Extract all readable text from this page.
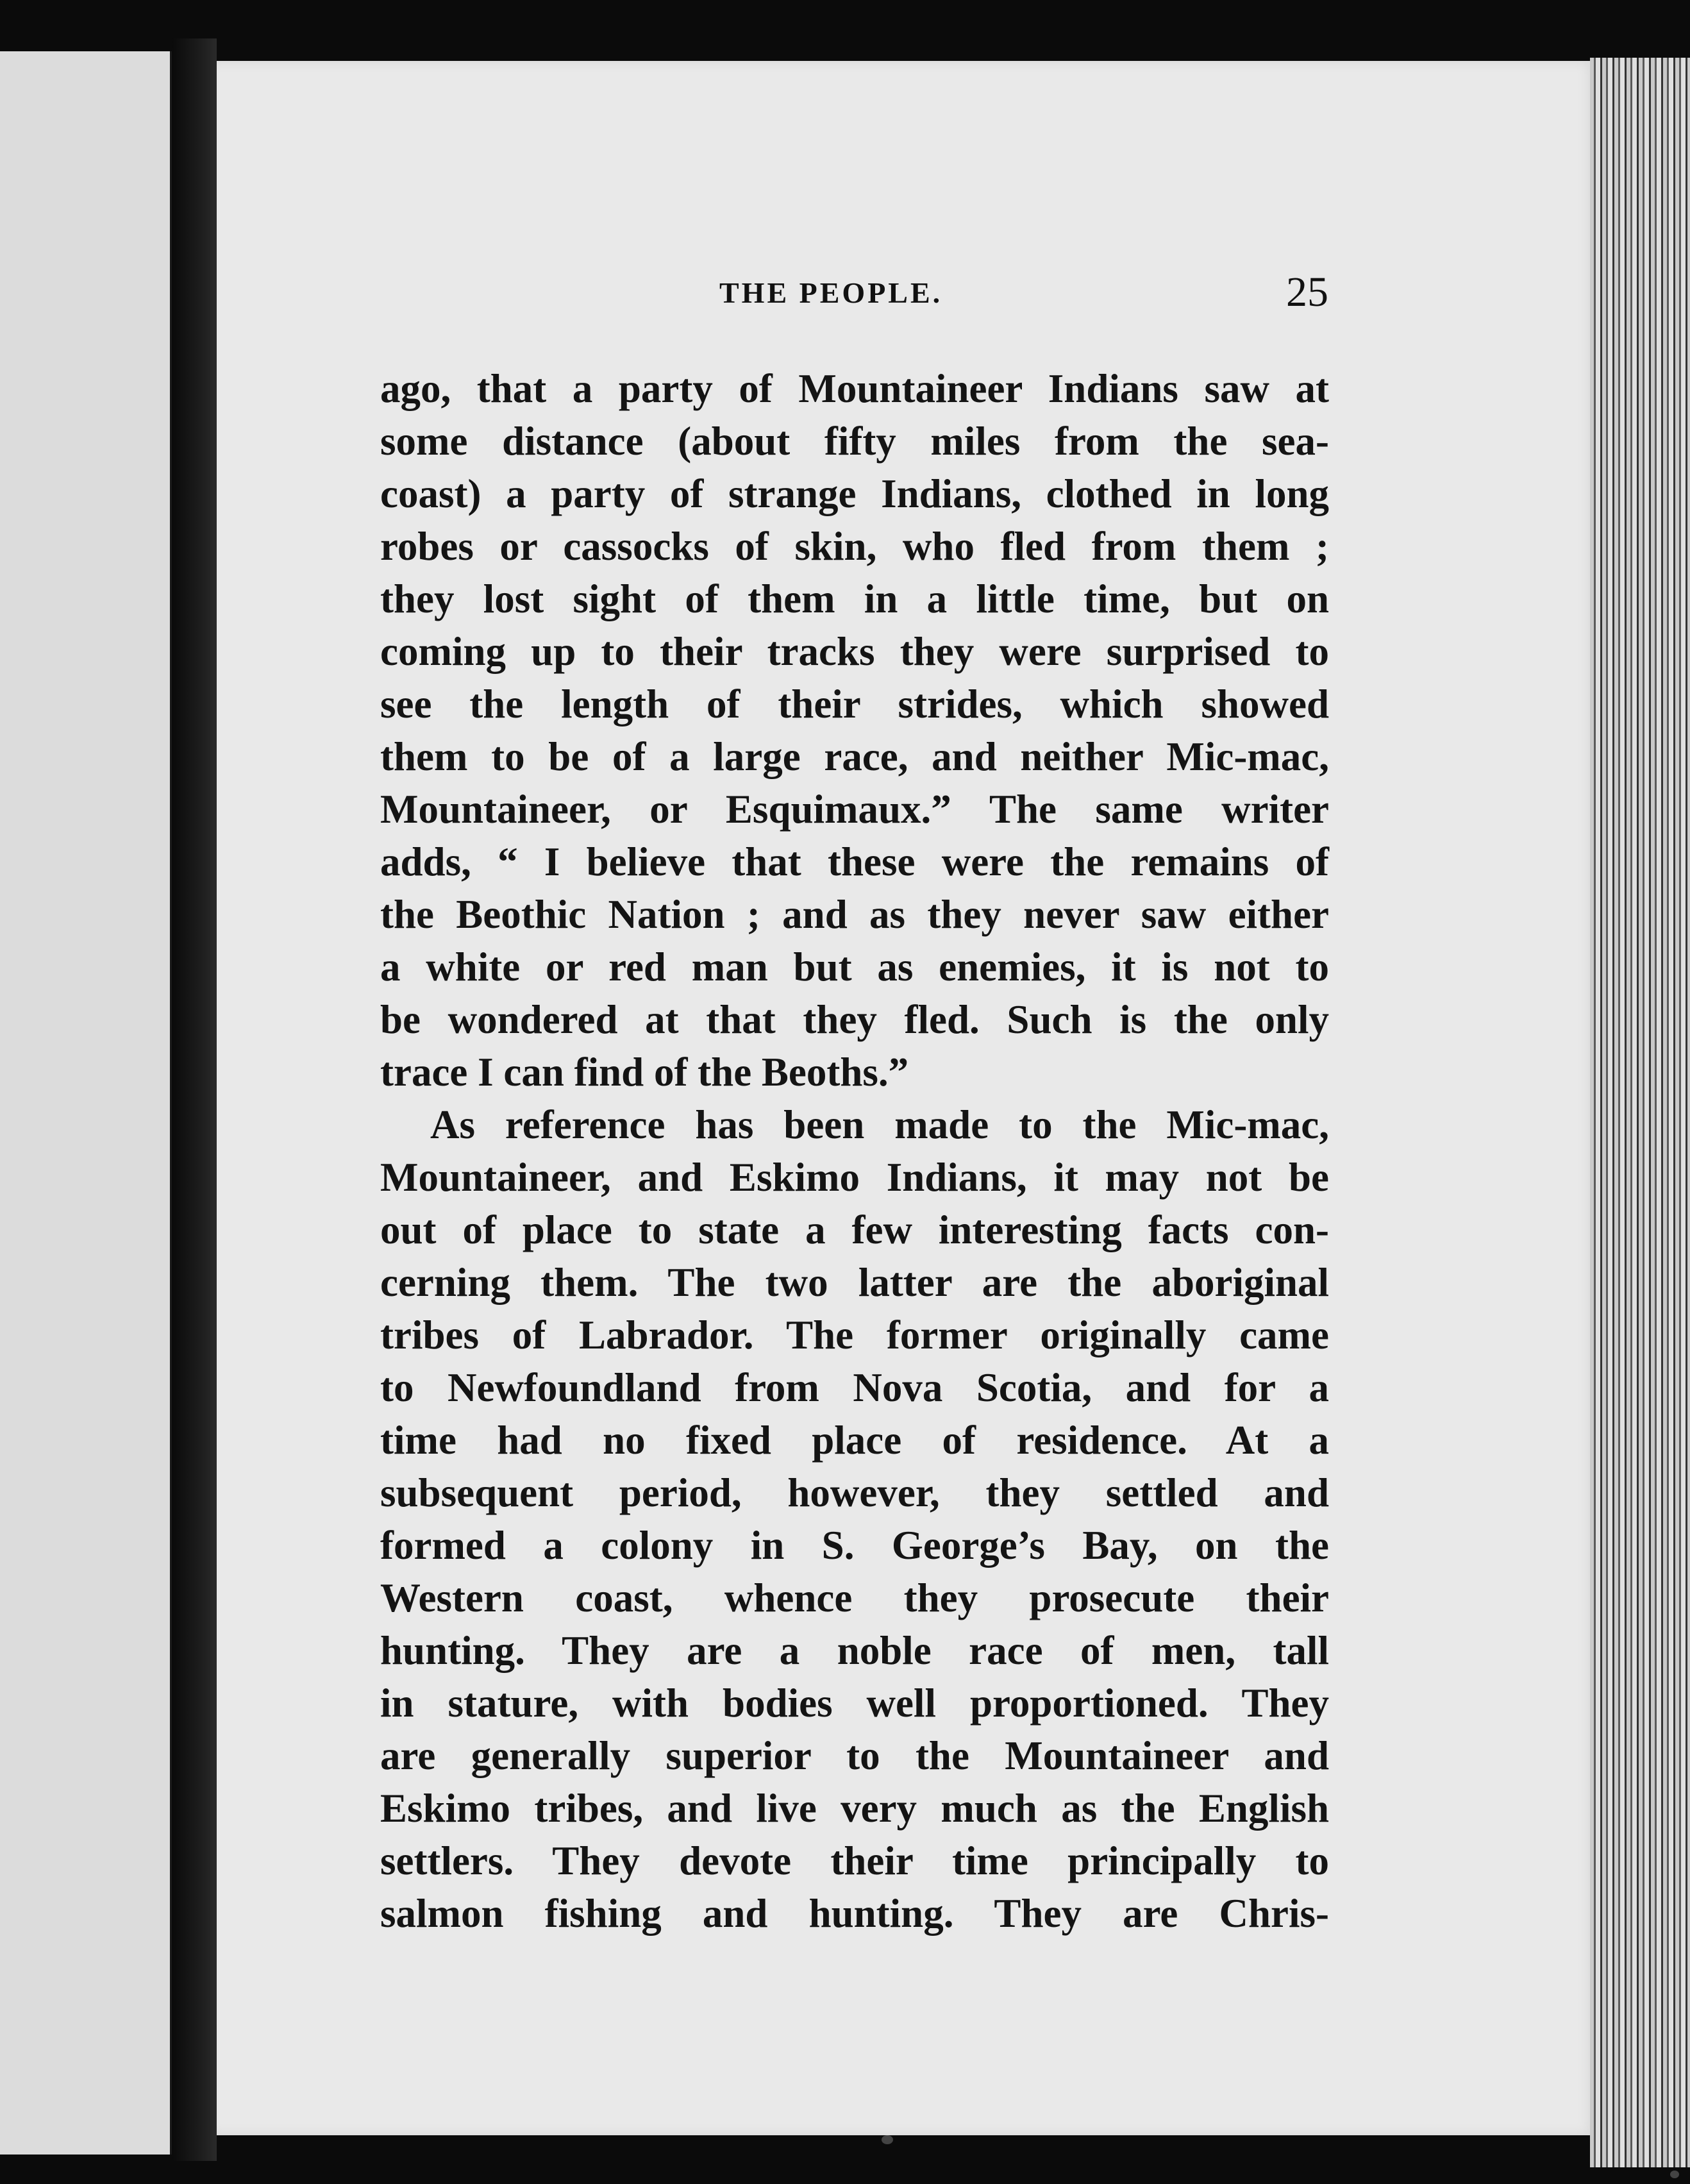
THE PEOPLE.	25
ago, that a party of Mountaineer Indians saw at
some distance (about fifty miles from the sea-
coast) a party of strange Indians, clothed in long
robes or cassocks of skin, who fled from them ;
they lost sight of them in a little time, but on
coming up to their tracks they were surprised to
see the length of their strides, which showed
them to be of a large race, and neither Mic-mac,
Mountaineer, or Esquimaux.” The same writer
adds, “ I believe that these were the remains of
the Beothic Nation ; and as they never saw either
a white or red man but as enemies, it is not to
be wondered at that they fled. Such is the only
trace I can find of the Beoths.”
As reference has been made to the Mic-mac,
Mountaineer, and Eskimo Indians, it may not be
out of place to state a few interesting facts con-
cerning them. The two latter are the aboriginal
tribes of Labrador. The former originally came
to Newfoundland from Nova Scotia, and for a
time had no fixed place of residence. At a
subsequent period, however, they settled and
formed a colony in S. George’s Bay, on the
Western coast, whence they prosecute their
hunting. They are a noble race of men, tall
in stature, with bodies well proportioned. They
are generally superior to the Mountaineer and
Eskimo tribes, and live very much as the English
settlers. They devote their time principally to
salmon fishing and hunting. They are Chris-
